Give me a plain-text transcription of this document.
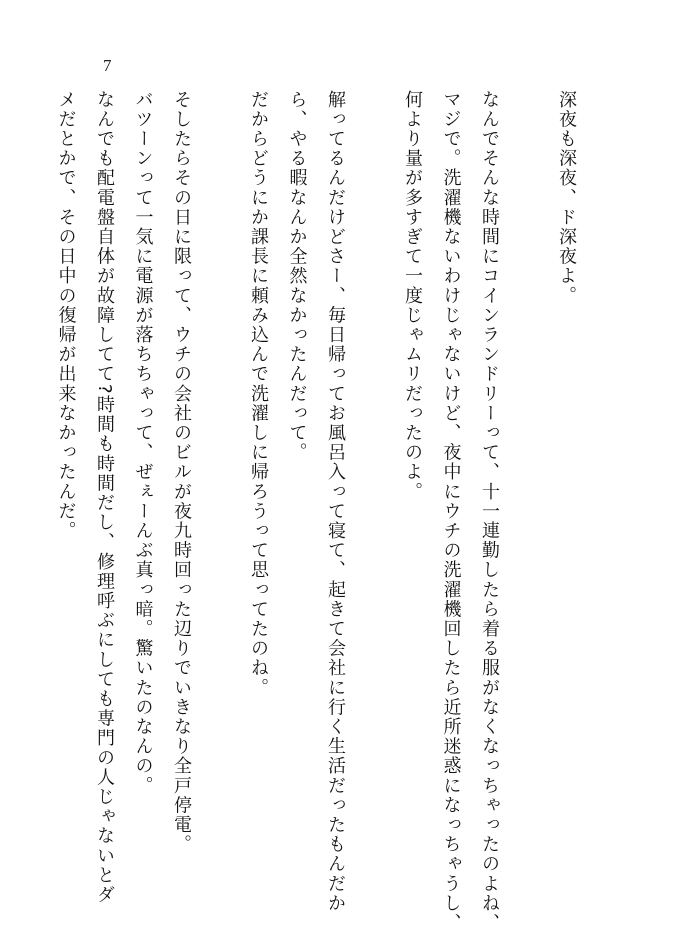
7
深夜も深夜、ド深夜よ。
なんでそんな時間にコインランドリーって、十一連勤したら着る服がなくなっちゃったのよね、
マジで。洗濯機ないわけじゃないけど、夜中にウチの洗濯機回したら近所迷惑になっちゃうし、
何より量が多すぎて一度じゃムリだったのよ。
解ってるんだけどさー、毎日帰ってお風呂入って寝て、起きて会社に行く生活だったもんだか
ら、やる暇なんか全然なかったんだって。
だからどうにか課長に頼み込んで洗濯しに帰ろうって思ってたのね。
そしたらその日に限って、ウチの会社のビルが夜九時回った辺りでいきなり全戸停電。
バツーンって一気に電源が落ちちゃって、ぜぇーんぶ真っ暗。驚いたのなんの。
なんでも配電盤自体が故障してて?時間も時間だし、修理呼ぶにしても専門の人じゃないとダ
メだとかで、その日中の復帰が出来なかったんだ。
